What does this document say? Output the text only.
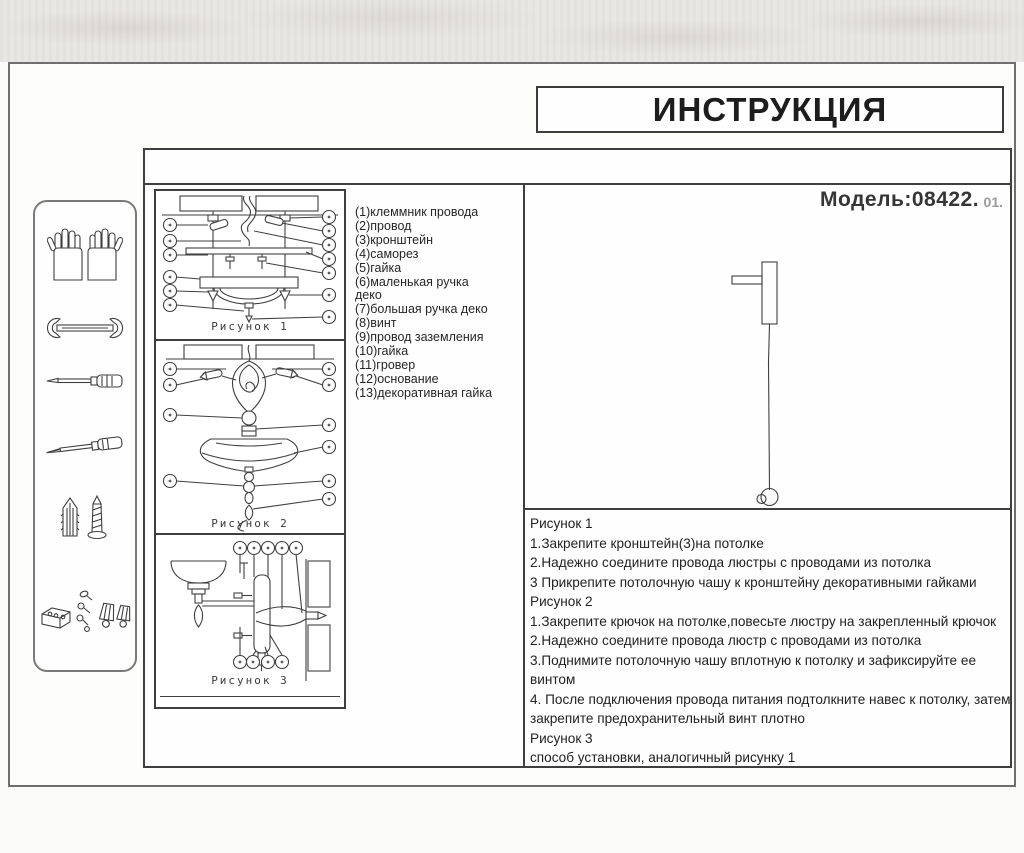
ИНСТРУКЦИЯ
Модель:08422. 01.
Рисунок 1
Рисунок 2
Рисунок 3
(1)клеммник провода
(2)провод
(3)кронштейн
(4)саморез
(5)гайка
(6)маленькая ручка деко
(7)большая ручка деко
(8)винт
(9)провод заземления
(10)гайка
(11)гровер
(12)основание
(13)декоративная гайка
Рисунок 1
1.Закрепите кронштейн(3)на потолке
2.Надежно соедините провода люстры с проводами из потолка
3 Прикрепите потолочную чашу к кронштейну декоративными гайками
Рисунок 2
1.Закрепите крючок на потолке,повесьте люстру на закрепленный крючок
2.Надежно соедините провода люстр с проводами из потолка
3.Поднимите потолочную чашу вплотную к потолку и зафиксируйте ее винтом
4. После подключения провода питания подтолкните навес к потолку, затем закрепите предохранительный винт плотно
Рисунок 3
способ установки, аналогичный рисунку 1
